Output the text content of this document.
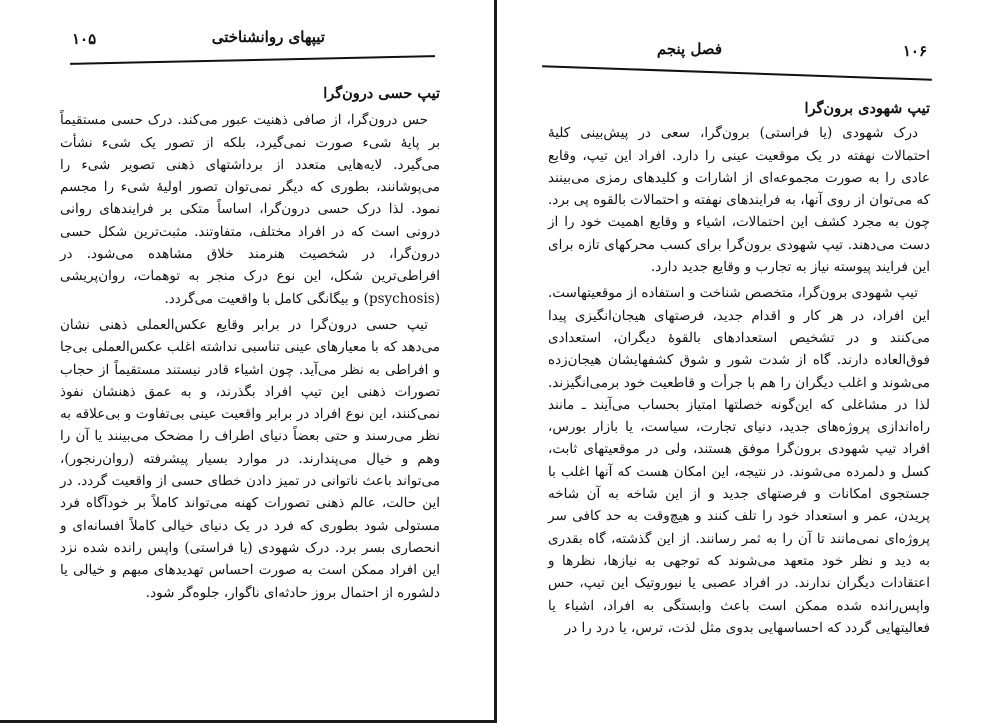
تیپهای روانشناختی
۱۰۵
تیپ حسی درون‌گرا

حس درون‌گرا، از صافی ذهنیت عبور می‌کند. درک حسی مستقیماً بر پایهٔ شیء صورت نمی‌گیرد، بلکه از تصور یک شیء نشأت می‌گیرد. لایه‌هایی متعدد از برداشتهای ذهنی تصویر شیء را می‌پوشانند، بطوری که دیگر نمی‌توان تصور اولیهٔ شیء را مجسم نمود. لذا درک حسی درون‌گرا، اساساً متکی بر فرایندهای روانی درونی است که در افراد مختلف، متفاوتند. مثبت‌ترین شکل حسی درون‌گرا، در شخصیت هنرمند خلاق مشاهده می‌شود. در افراطی‌ترین شکل، این نوع درک منجر به توهمات، روان‌پریشی (psychosis) و بیگانگی کامل با واقعیت می‌گردد.

تیپ حسی درون‌گرا در برابر وقایع عکس‌العملی ذهنی نشان می‌دهد که با معیارهای عینی تناسبی نداشته اغلب عکس‌العملی بی‌جا و افراطی به نظر می‌آید. چون اشیاء قادر نیستند مستقیماً از حجاب تصورات ذهنی این تیپ افراد بگذرند، و به عمق ذهنشان نفوذ نمی‌کنند، این نوع افراد در برابر واقعیت عینی بی‌تفاوت و بی‌علاقه به نظر می‌رسند و حتی بعضاً دنیای اطراف را مضحک می‌بینند یا آن را وهم و خیال می‌پندارند. در موارد بسیار پیشرفته (روان‌رنجور)، می‌تواند باعث ناتوانی در تمیز دادن خطای حسی از واقعیت گردد. در این حالت، عالم ذهنی تصورات کهنه می‌تواند کاملاً بر خودآگاه فرد مستولی شود بطوری که فرد در یک دنیای خیالی کاملاً افسانه‌ای و انحصاری بسر برد. درک شهودی (یا فراستی) واپس رانده شده نزد این افراد ممکن است به صورت احساس تهدیدهای مبهم و خیالی یا دلشوره از احتمال بروز حادثه‌ای ناگوار، جلوه‌گر شود.

فصل پنجم	۱۰۶
تیپ شهودی برون‌گرا

درک شهودی (یا فراستی) برون‌گرا، سعی در پیش‌بینی کلیهٔ احتمالات نهفته در یک موقعیت عینی را دارد. افراد این تیپ، وقایع عادی را به صورت مجموعه‌ای از اشارات و کلیدهای رمزی می‌بینند که می‌توان از روی آنها، به فرایندهای نهفته و احتمالات بالقوه پی برد. چون به مجرد کشف این احتمالات، اشیاء و وقایع اهمیت خود را از دست می‌دهند. تیپ شهودی برون‌گرا برای کسب محرکهای تازه برای این فرایند پیوسته نیاز به تجارب و وقایع جدید دارد.

تیپ شهودی برون‌گرا، متخصص شناخت و استفاده از موقعیتهاست. این افراد، در هر کار و اقدام جدید، فرصتهای هیجان‌انگیزی پیدا می‌کنند و در تشخیص استعدادهای بالقوهٔ دیگران، استعدادی فوق‌العاده دارند. گاه از شدت شور و شوق کشفهایشان هیجان‌زده می‌شوند و اغلب دیگران را هم با جرأت و قاطعیت خود برمی‌انگیزند. لذا در مشاغلی که این‌گونه خصلتها امتیاز بحساب می‌آیند ـ مانند راه‌اندازی پروژه‌های جدید، دنیای تجارت، سیاست، یا بازار بورس، افراد تیپ شهودی برون‌گرا موفق هستند، ولی در موقعیتهای ثابت، کسل و دلمرده می‌شوند. در نتیجه، این امکان هست که آنها اغلب با جستجوی امکانات و فرصتهای جدید و از این شاخه به آن شاخه پریدن، عمر و استعداد خود را تلف کنند و هیچ‌وقت به حد کافی سر پروژه‌ای نمی‌مانند تا آن را به ثمر رسانند. از این گذشته، گاه بقدری به دید و نظر خود متعهد می‌شوند که توجهی به نیازها، نظرها و اعتقادات دیگران ندارند. در افراد عصبی یا نیوروتیک این تیپ، حس واپس‌رانده شده ممکن است باعث وابستگی به افراد، اشیاء یا فعالیتهایی گردد که احساسهایی بدوی مثل لذت، ترس، یا درد را در
